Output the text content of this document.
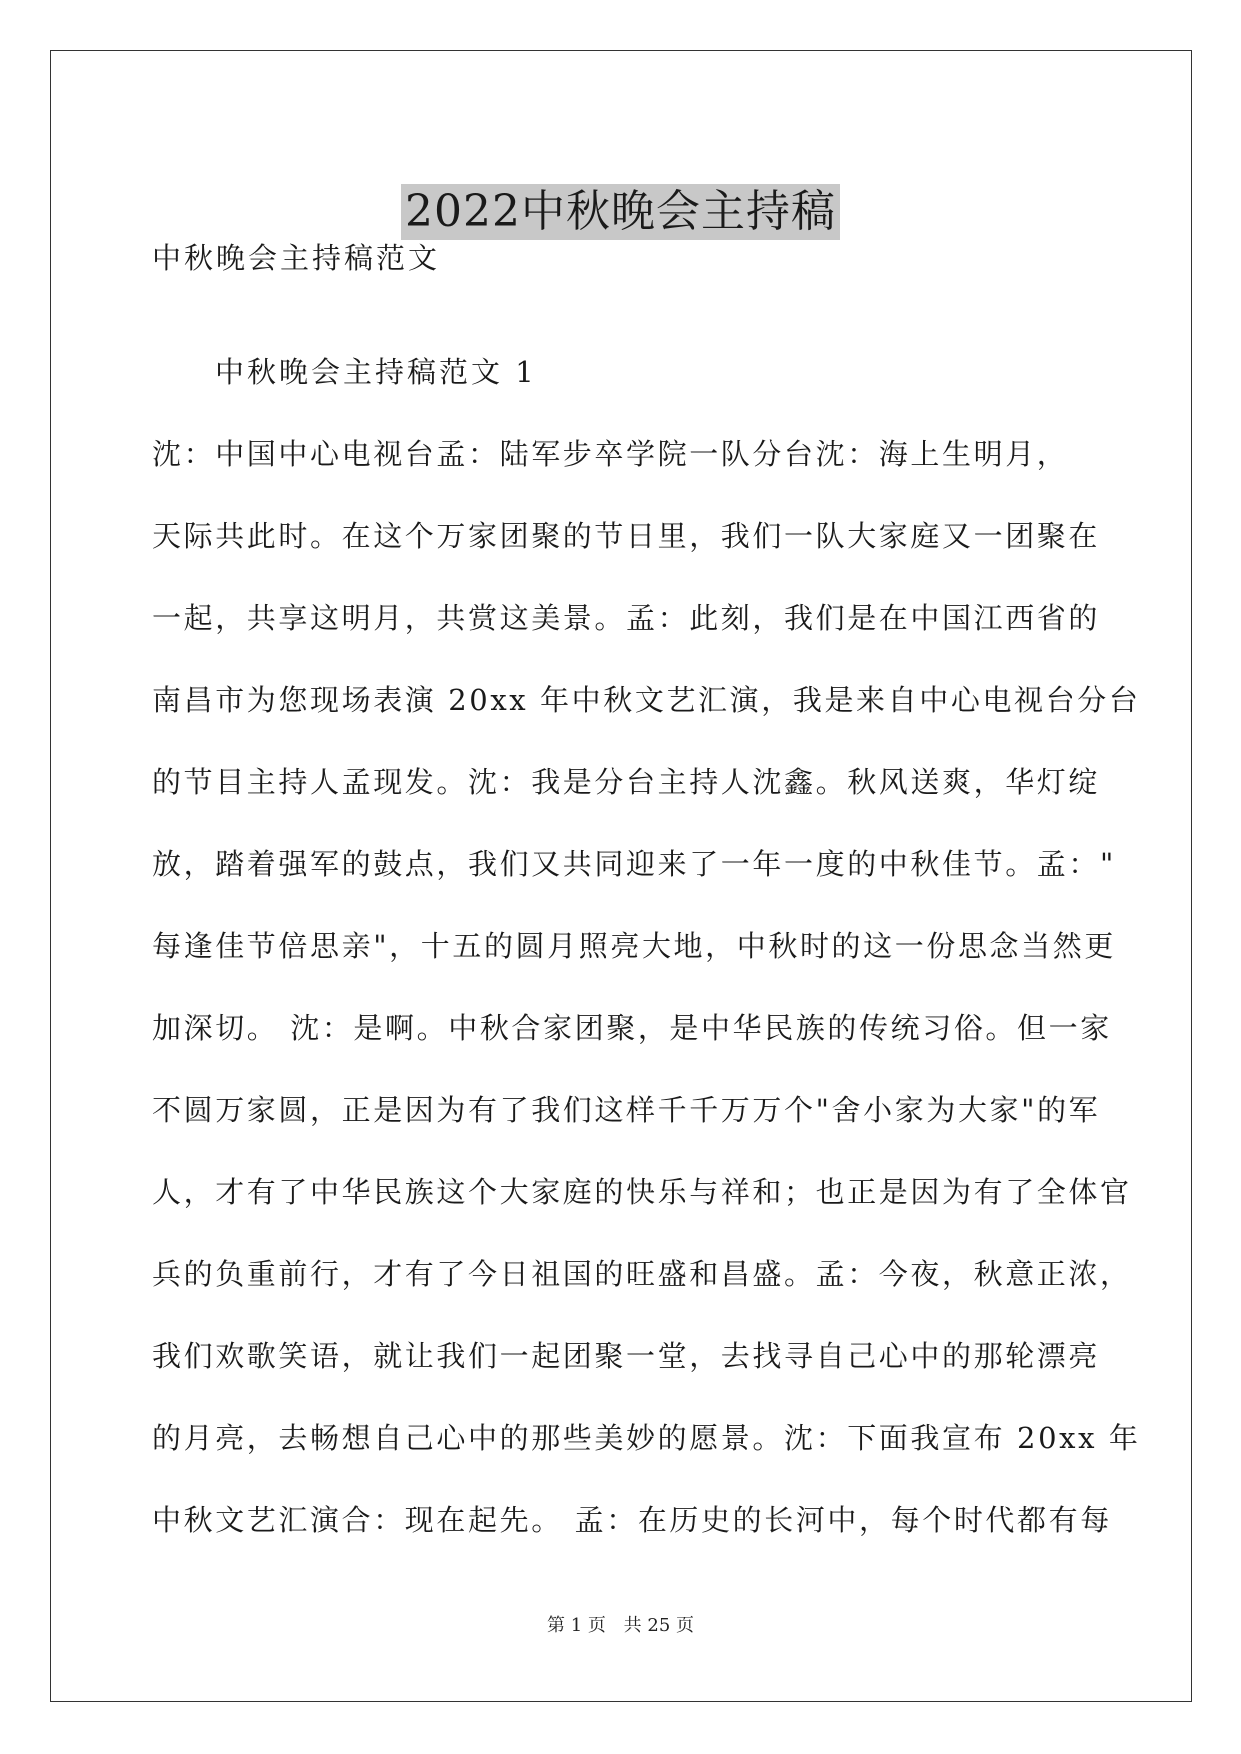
2022中秋晚会主持稿
中秋晚会主持稿范文
中秋晚会主持稿范文 1
沈：中国中心电视台孟：陆军步卒学院一队分台沈：海上生明月，
天际共此时。在这个万家团聚的节日里，我们一队大家庭又一团聚在
一起，共享这明月，共赏这美景。孟：此刻，我们是在中国江西省的
南昌市为您现场表演 20xx 年中秋文艺汇演，我是来自中心电视台分台
的节目主持人孟现发。沈：我是分台主持人沈鑫。秋风送爽，华灯绽
放，踏着强军的鼓点，我们又共同迎来了一年一度的中秋佳节。孟："
每逢佳节倍思亲"，十五的圆月照亮大地，中秋时的这一份思念当然更
加深切。 沈：是啊。中秋合家团聚，是中华民族的传统习俗。但一家
不圆万家圆，正是因为有了我们这样千千万万个"舍小家为大家"的军
人，才有了中华民族这个大家庭的快乐与祥和；也正是因为有了全体官
兵的负重前行，才有了今日祖国的旺盛和昌盛。孟：今夜，秋意正浓，
我们欢歌笑语，就让我们一起团聚一堂，去找寻自己心中的那轮漂亮
的月亮，去畅想自己心中的那些美妙的愿景。沈：下面我宣布 20xx 年
中秋文艺汇演合：现在起先。 孟：在历史的长河中，每个时代都有每
第 1 页 共 25 页
